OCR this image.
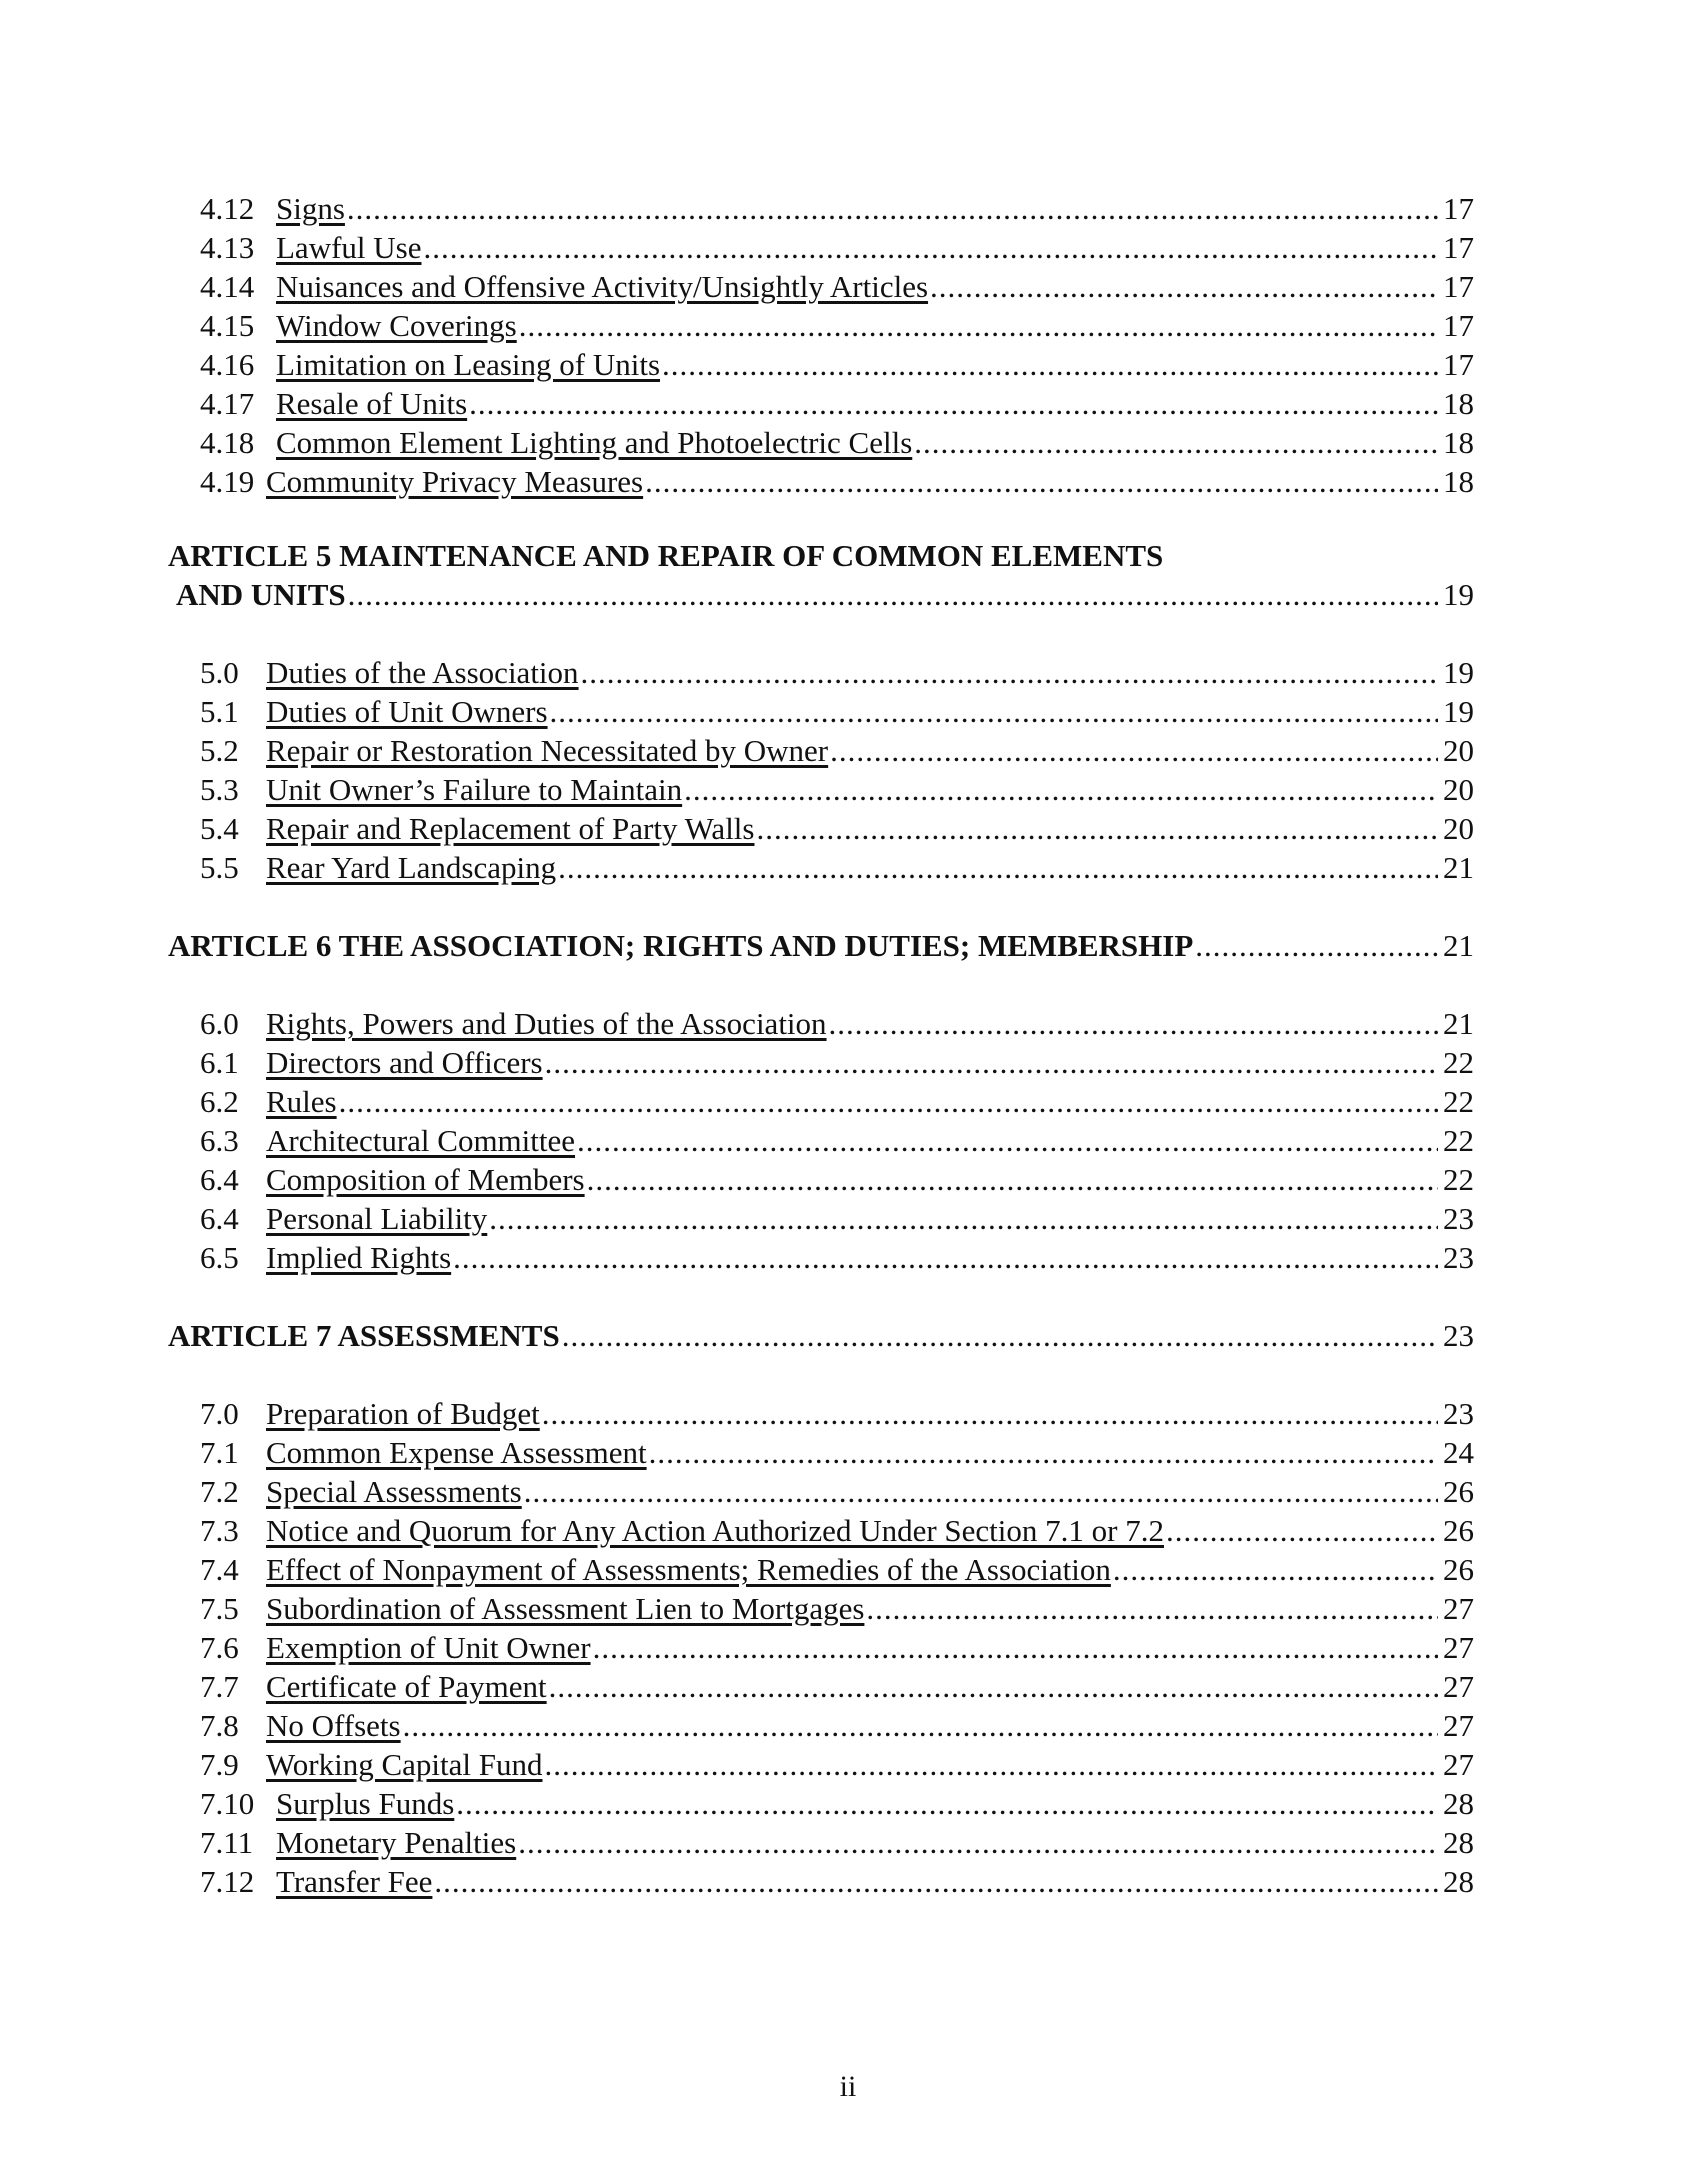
4.12 Signs .....	17
4.13 Lawful Use .....	17
4.14 Nuisances and Offensive Activity/Unsightly Articles .....	17
4.15 Window Coverings .....	17
4.16 Limitation on Leasing of Units .....	17
4.17 Resale of Units .....	18
4.18 Common Element Lighting and Photoelectric Cells .....	18
4.19 Community Privacy Measures .....	18
ARTICLE 5 MAINTENANCE AND REPAIR OF COMMON ELEMENTS
AND UNITS .....	19
5.0 Duties of the Association .....	19
5.1 Duties of Unit Owners .....	19
5.2 Repair or Restoration Necessitated by Owner .....	20
5.3 Unit Owner’s Failure to Maintain .....	20
5.4 Repair and Replacement of Party Walls .....	20
5.5 Rear Yard Landscaping .....	21
ARTICLE 6 THE ASSOCIATION; RIGHTS AND DUTIES; MEMBERSHIP .....	21
6.0 Rights, Powers and Duties of the Association .....	21
6.1 Directors and Officers .....	22
6.2 Rules .....	22
6.3 Architectural Committee .....	22
6.4 Composition of Members .....	22
6.4 Personal Liability .....	23
6.5 Implied Rights .....	23
ARTICLE 7 ASSESSMENTS .....	23
7.0 Preparation of Budget .....	23
7.1 Common Expense Assessment .....	24
7.2 Special Assessments .....	26
7.3 Notice and Quorum for Any Action Authorized Under Section 7.1 or 7.2 .....	26
7.4 Effect of Nonpayment of Assessments; Remedies of the Association .....	26
7.5 Subordination of Assessment Lien to Mortgages .....	27
7.6 Exemption of Unit Owner .....	27
7.7 Certificate of Payment .....	27
7.8 No Offsets .....	27
7.9 Working Capital Fund .....	27
7.10 Surplus Funds .....	28
7.11 Monetary Penalties .....	28
7.12 Transfer Fee .....	28
ii
